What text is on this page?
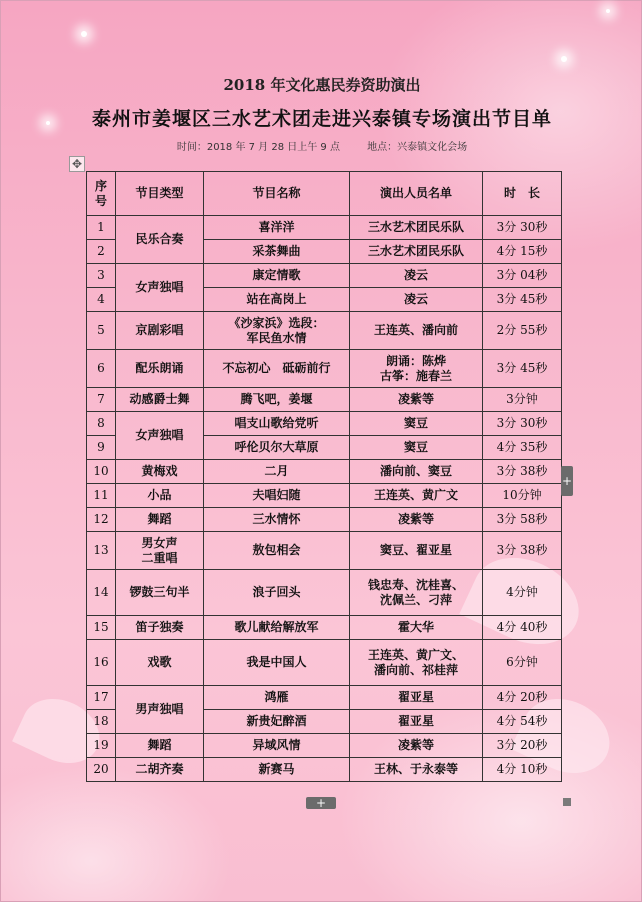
2018 年文化惠民券资助演出
泰州市姜堰区三水艺术团走进兴泰镇专场演出节目单
时间：2018 年 7 月 28 日上午 9 点	地点：兴泰镇文化会场
✥
序
号	节目类型	节目名称	演出人员名单	时　长
1	民乐合奏	喜洋洋	三水艺术团民乐队	3分 30秒
2		采茶舞曲	三水艺术团民乐队	4分 15秒
3	女声独唱	康定情歌	凌云	3分 04秒
4		站在高岗上	凌云	3分 45秒
5	京剧彩唱	《沙家浜》选段：
军民鱼水情	王连英、潘向前	2分 55秒
6	配乐朗诵	不忘初心　砥砺前行	朗诵：陈烨
古筝：施春兰	3分 45秒
7	动感爵士舞	腾飞吧，姜堰	凌紫等	3分钟
8	女声独唱	唱支山歌给党听	窦豆	3分 30秒
9		呼伦贝尔大草原	窦豆	4分 35秒
10	黄梅戏	二月	潘向前、窦豆	3分 38秒
11	小品	夫唱妇随	王连英、黄广文	10分钟
12	舞蹈	三水情怀	凌紫等	3分 58秒
13	男女声
二重唱	敖包相会	窦豆、翟亚星	3分 38秒
14	锣鼓三句半	浪子回头	钱忠寿、沈桂喜、
沈佩兰、刁萍	4分钟
15	笛子独奏	歌儿献给解放军	霍大华	4分 40秒
16	戏歌	我是中国人	王连英、黄广文、
潘向前、祁桂萍	6分钟
17	男声独唱	鸿雁	翟亚星	4分 20秒
18		新贵妃醉酒	翟亚星	4分 54秒
19	舞蹈	异域风情	凌紫等	3分 20秒
20	二胡齐奏	新赛马	王林、于永泰等	4分 10秒
+
+
